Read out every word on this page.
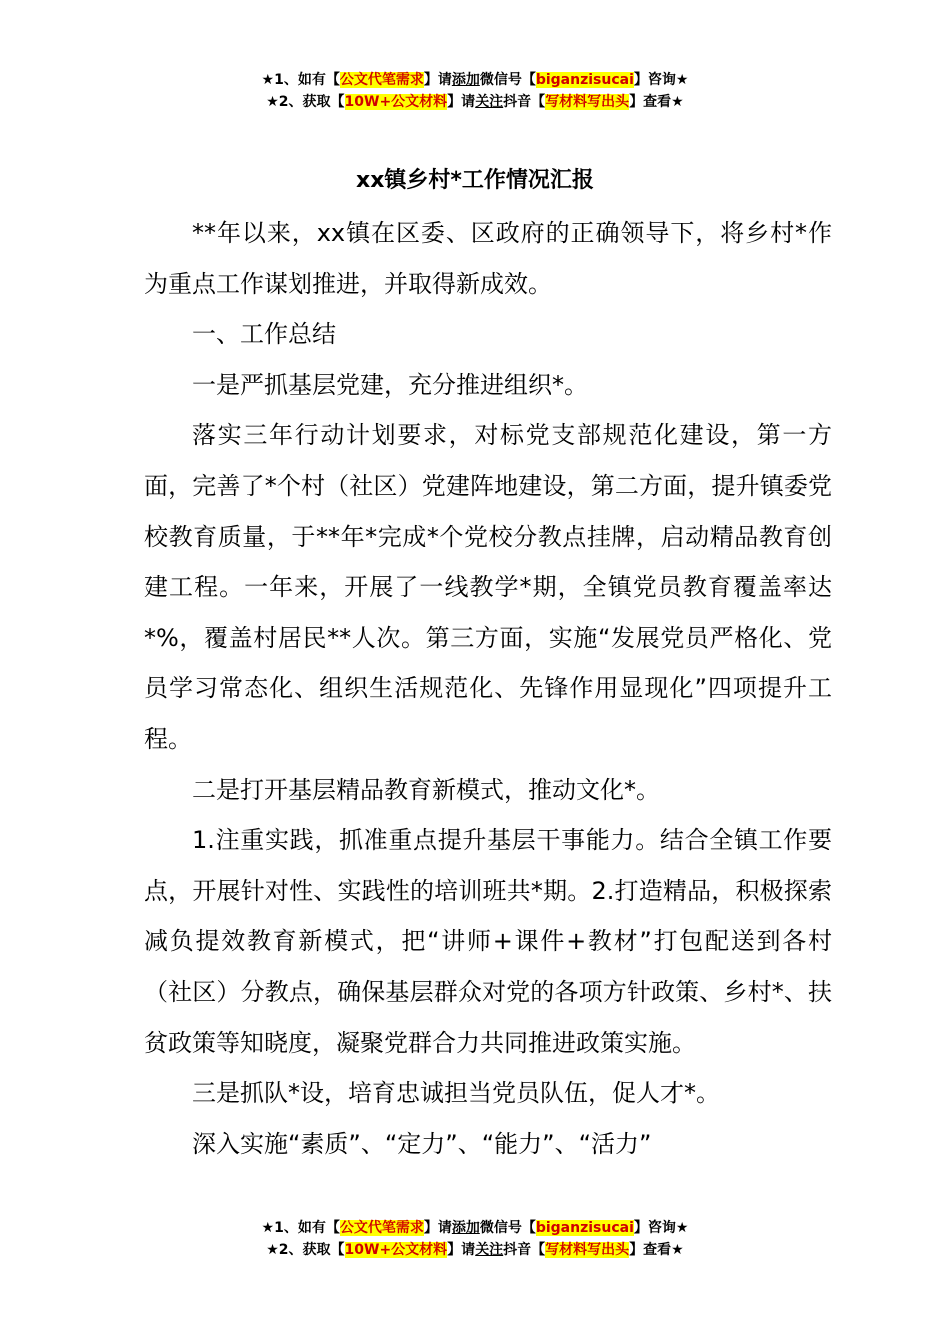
★1、如有【公文代笔需求】请添加微信号【biganzisucai】咨询★
★2、获取【10W+公文材料】请关注抖音【写材料写出头】查看★
xx镇乡村*工作情况汇报

**年以来，xx镇在区委、区政府的正确领导下，将乡村*作为重点工作谋划推进，并取得新成效。

一、工作总结

一是严抓基层党建，充分推进组织*。

落实三年行动计划要求，对标党支部规范化建设，第一方面，完善了*个村（社区）党建阵地建设，第二方面，提升镇委党校教育质量，于**年*完成*个党校分教点挂牌，启动精品教育创建工程。一年来，开展了一线教学*期，全镇党员教育覆盖率达*%，覆盖村居民**人次。第三方面，实施“发展党员严格化、党员学习常态化、组织生活规范化、先锋作用显现化”四项提升工程。

二是打开基层精品教育新模式，推动文化*。

1.注重实践，抓准重点提升基层干事能力。结合全镇工作要点，开展针对性、实践性的培训班共*期。2.打造精品，积极探索减负提效教育新模式，把“讲师+课件+教材”打包配送到各村（社区）分教点，确保基层群众对党的各项方针政策、乡村*、扶贫政策等知晓度，凝聚党群合力共同推进政策实施。

三是抓队*设，培育忠诚担当党员队伍，促人才*。

深入实施“素质”、“定力”、“能力”、“活力”

★1、如有【公文代笔需求】请添加微信号【biganzisucai】咨询★
★2、获取【10W+公文材料】请关注抖音【写材料写出头】查看★
